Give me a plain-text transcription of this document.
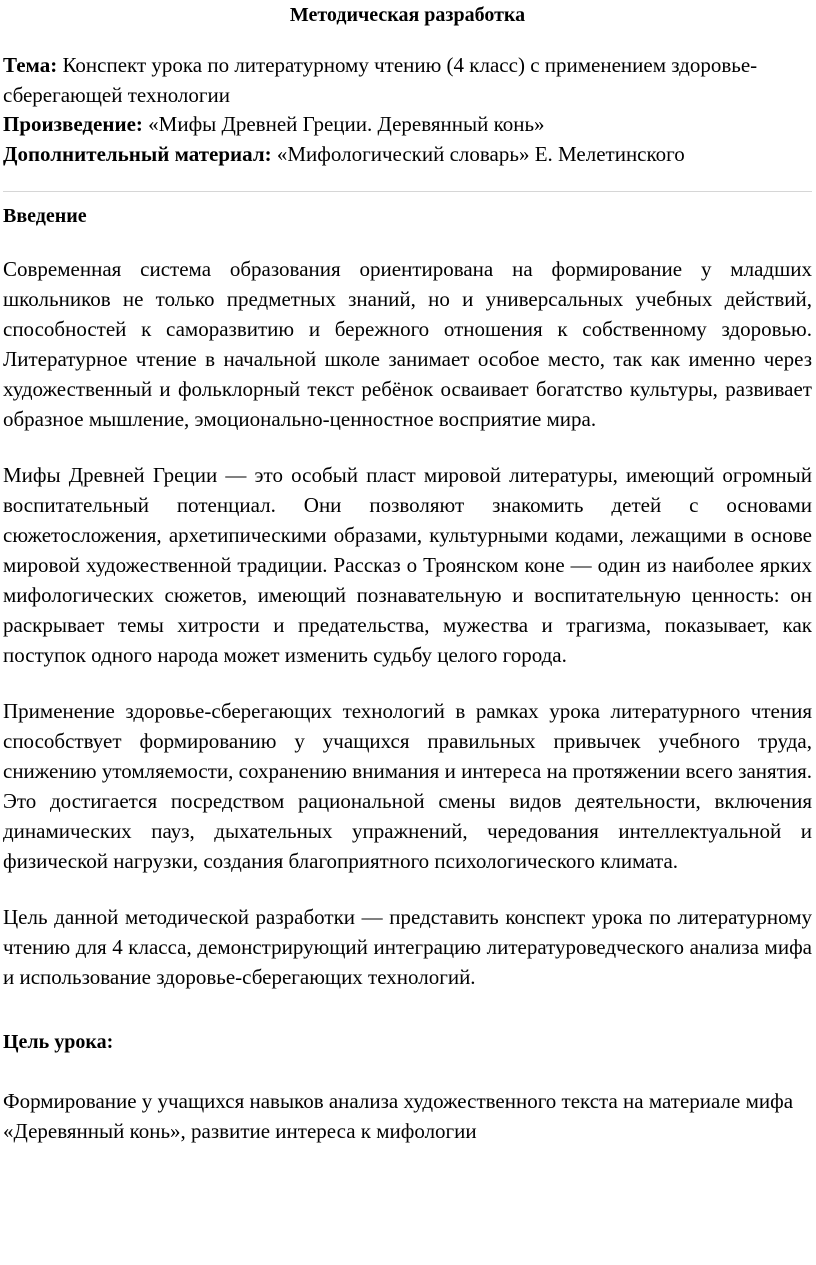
Методическая разработка

Тема: Конспект урока по литературному чтению (4 класс) с применением здоровье-сберегающей технологии

Произведение: «Мифы Древней Греции. Деревянный конь»

Дополнительный материал: «Мифологический словарь» Е. Мелетинского

Введение

Современная система образования ориентирована на формирование у младших школьников не только предметных знаний, но и универсальных учебных действий, способностей к саморазвитию и бережного отношения к собственному здоровью. Литературное чтение в начальной школе занимает особое место, так как именно через художественный и фольклорный текст ребёнок осваивает богатство культуры, развивает образное мышление, эмоционально-ценностное восприятие мира.

Мифы Древней Греции — это особый пласт мировой литературы, имеющий огромный воспитательный потенциал. Они позволяют знакомить детей с основами сюжетосложения, архетипическими образами, культурными кодами, лежащими в основе мировой художественной традиции. Рассказ о Троянском коне — один из наиболее ярких мифологических сюжетов, имеющий познавательную и воспитательную ценность: он раскрывает темы хитрости и предательства, мужества и трагизма, показывает, как поступок одного народа может изменить судьбу целого города.

Применение здоровье-сберегающих технологий в рамках урока литературного чтения способствует формированию у учащихся правильных привычек учебного труда, снижению утомляемости, сохранению внимания и интереса на протяжении всего занятия. Это достигается посредством рациональной смены видов деятельности, включения динамических пауз, дыхательных упражнений, чередования интеллектуальной и физической нагрузки, создания благоприятного психологического климата.

Цель данной методической разработки — представить конспект урока по литературному чтению для 4 класса, демонстрирующий интеграцию литературоведческого анализа мифа и использование здоровье-сберегающих технологий.

Цель урока:

Формирование у учащихся навыков анализа художественного текста на материале мифа «Деревянный конь», развитие интереса к мифологии
